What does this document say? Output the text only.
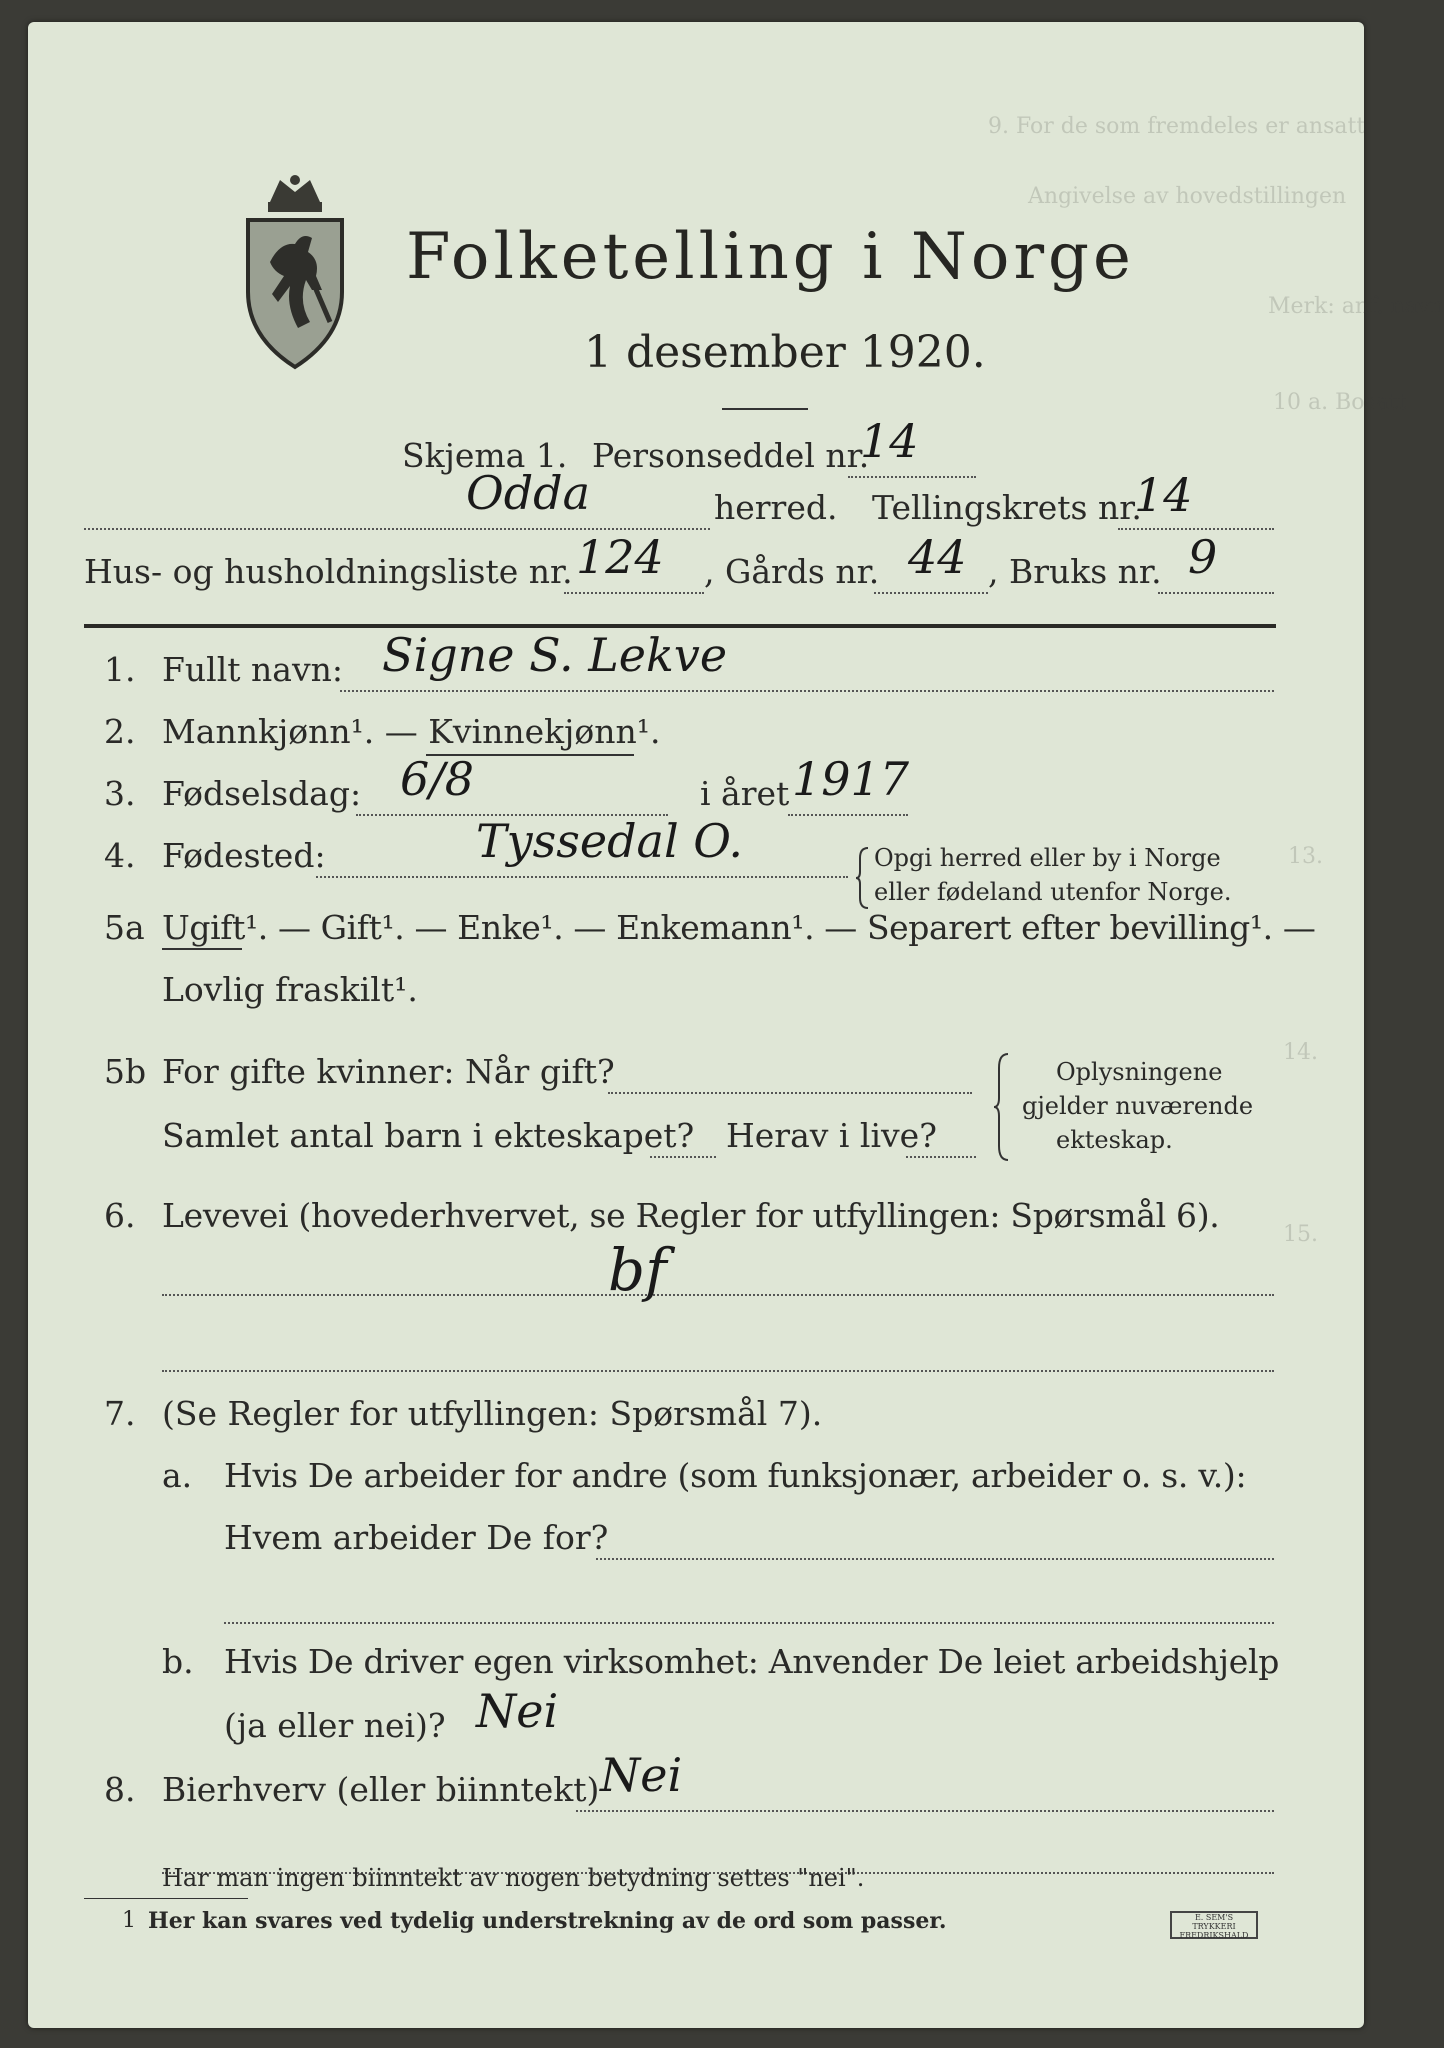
9. For de som fremdeles er ansatt
Angivelse av hovedstillingen
Merk: anf. navn
10 a. Bosatt
13.
14.
15.
Folketelling i Norge
1 desember 1920.
Skjema 1. Personseddel nr.
14
Odda	herred. Tellingskrets nr.
14
Hus- og husholdningsliste nr. 124 , Gårds nr. 44 , Bruks nr. 9
1. Fullt navn: Signe S. Lekve
2. Mannkjønn¹. — Kvinnekjønn¹.
3. Fødselsdag: 6/8	i året 1917
4. Fødested:	Tyssedal O.	Opgi herred eller by i Norge
eller fødeland utenfor Norge.
5a Ugift¹. — Gift¹. — Enke¹. — Enkemann¹. — Separert efter bevilling¹. —
Lovlig fraskilt¹.
5b For gifte kvinner: Når gift?
Samlet antal barn i ekteskapet? Herav i live?
Oplysningene
gjelder nuværende
ekteskap.
6. Levevei (hovederhvervet, se Regler for utfyllingen: Spørsmål 6).
bf
7. (Se Regler for utfyllingen: Spørsmål 7).
a. Hvis De arbeider for andre (som funksjonær, arbeider o. s. v.):
Hvem arbeider De for?
b. Hvis De driver egen virksomhet: Anvender De leiet arbeidshjelp
(ja eller nei)? Nei
8. Bierhverv (eller biinntekt) Nei
Har man ingen biinntekt av nogen betydning settes "nei".
1 Her kan svares ved tydelig understrekning av de ord som passer.	E. SEM'S TRYKKERI FREDRIKSHALD
